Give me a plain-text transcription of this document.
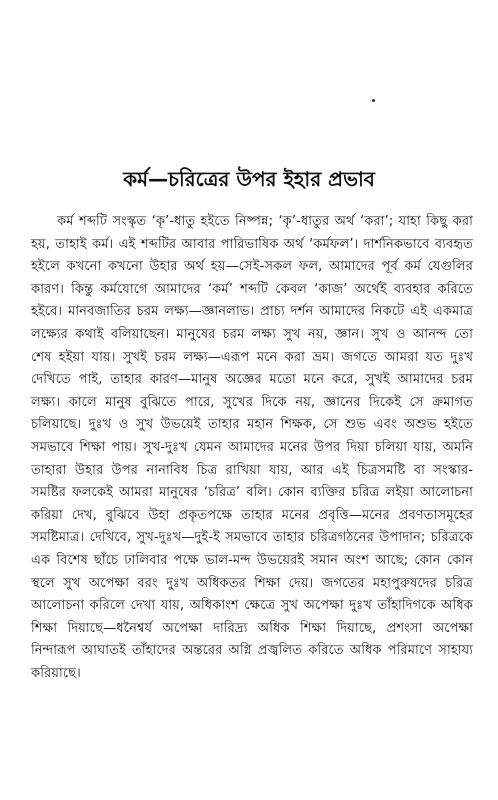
কর্ম—চরিত্রের উপর ইহার প্রভাব

কর্ম শব্দটি সংস্কৃত ‘কৃ’-ধাতু হইতে নিষ্পন্ন; ‘কৃ’-ধাতুর অর্থ ‘করা’; যাহা কিছু করা হয়, তাহাই কর্ম। এই শব্দটির আবার পারিভাষিক অর্থ ‘কর্মফল’। দার্শনিকভাবে ব্যবহৃত হইলে কখনো কখনো উহার অর্থ হয়—সেই-সকল ফল, আমাদের পূর্ব কর্ম যেগুলির কারণ। কিন্তু কর্মযোগে আমাদের ‘কর্ম’ শব্দটি কেবল ‘কাজ’ অর্থেই ব্যবহার করিতে হইবে। মানবজাতির চরম লক্ষ্য—জ্ঞানলাভ। প্রাচ্য দর্শন আমাদের নিকটে এই একমাত্র লক্ষ্যের কথাই বলিয়াছেন। মানুষের চরম লক্ষ্য সুখ নয়, জ্ঞান। সুখ ও আনন্দ তো শেষ হইয়া যায়। সুখই চরম লক্ষ্য—এরূপ মনে করা ভ্রম। জগতে আমরা যত দুঃখ দেখিতে পাই, তাহার কারণ—মানুষ অজ্ঞের মতো মনে করে, সুখই আমাদের চরম লক্ষ্য। কালে মানুষ বুঝিতে পারে, সুখের দিকে নয়, জ্ঞানের দিকেই সে ক্রমাগত চলিয়াছে। দুঃখ ও সুখ উভয়েই তাহার মহান শিক্ষক, সে শুভ এবং অশুভ হইতে সমভাবে শিক্ষা পায়। সুখ-দুঃখ যেমন আমাদের মনের উপর দিয়া চলিয়া যায়, অমনি তাহারা উহার উপর নানাবিধ চিত্র রাখিয়া যায়, আর এই চিত্রসমষ্টি বা সংস্কার-সমষ্টির ফলকেই আমরা মানুষের ‘চরিত্র’ বলি। কোন ব্যক্তির চরিত্র লইয়া আলোচনা করিয়া দেখ, বুঝিবে উহা প্রকৃতপক্ষে তাহার মনের প্রবৃত্তি—মনের প্রবণতাসমূহের সমষ্টিমাত্র। দেখিবে, সুখ-দুঃখ—দুই-ই সমভাবে তাহার চরিত্রগঠনের উপাদান; চরিত্রকে এক বিশেষ ছাঁচে ঢালিবার পক্ষে ভাল-মন্দ উভয়েরই সমান অংশ আছে; কোন কোন স্থলে সুখ অপেক্ষা বরং দুঃখ অধিকতর শিক্ষা দেয়। জগতের মহাপুরুষদের চরিত্র আলোচনা করিলে দেখা যায়, অধিকাংশ ক্ষেত্রে সুখ অপেক্ষা দুঃখ তাঁহাদিগকে অধিক শিক্ষা দিয়াছে—ধনৈশ্বর্য অপেক্ষা দারিদ্র্য অধিক শিক্ষা দিয়াছে, প্রশংসা অপেক্ষা নিন্দারূপ আঘাতই তাঁহাদের অন্তরের অগ্নি প্রজ্বলিত করিতে অধিক পরিমাণে সাহায্য করিয়াছে।
